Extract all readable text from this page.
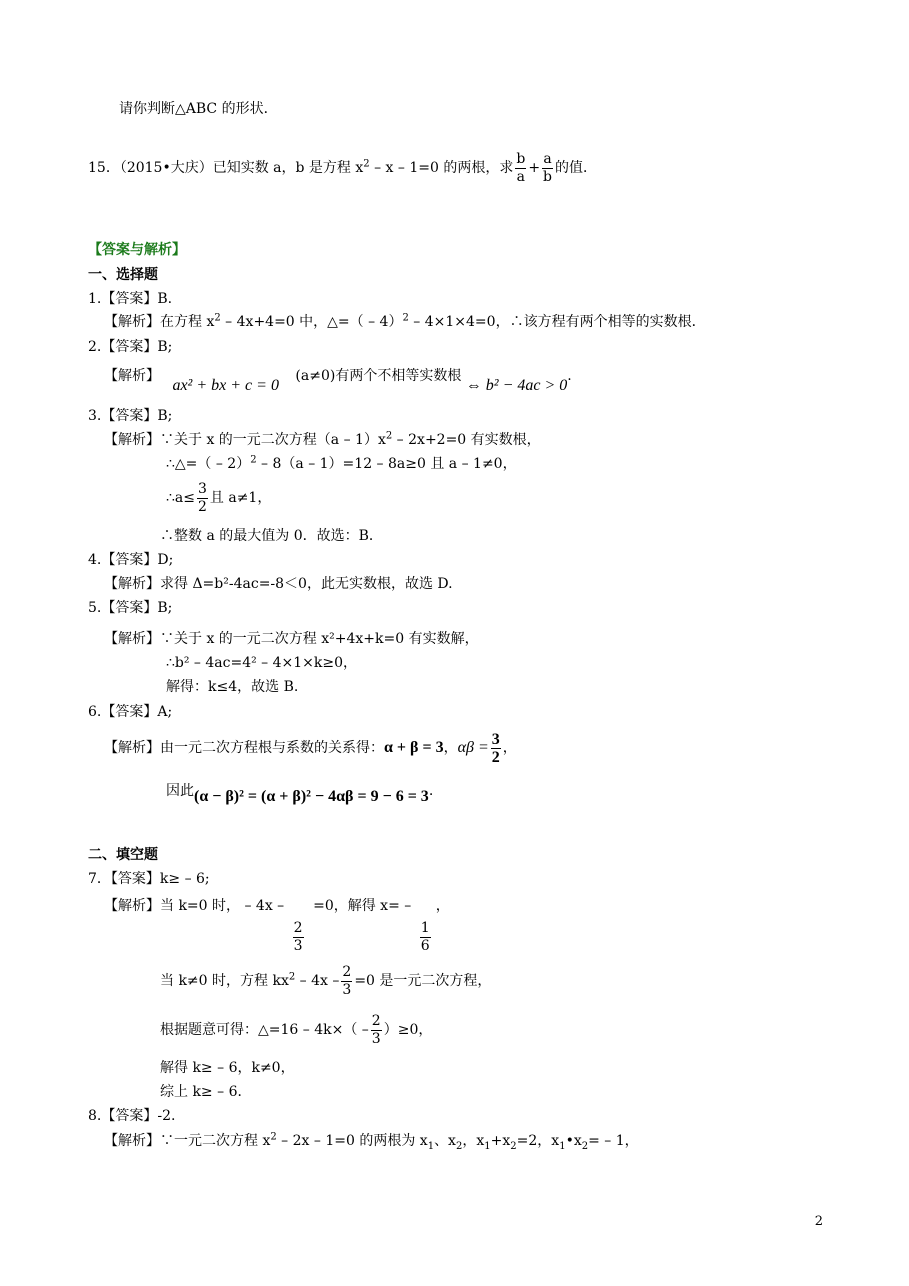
请你判断△ABC 的形状．
15．（2015•大庆）已知实数 a，b 是方程 $x^2 - x - 1=0$ 的两根，求 $\frac{b}{a} + \frac{a}{b}$ 的值．
【答案与解析】
一、选择题
1.【答案】B.
【解析】在方程 $x^2 - 4x+4=0$ 中，△=（ – 4）$^2$ – 4×1×4=0，∴该方程有两个相等的实数根．
2.【答案】B;
【解析】 ax² + bx + c = 0 (a≠0)有两个不相等实数根 ⇔ b² − 4ac > 0.
3.【答案】B;
【解析】∵关于 x 的一元二次方程$(a - 1)x^2 - 2x+2=0$ 有实数根，
∴△=（ – 2）$^2$ – 8（a – 1）=12 – 8a≥0 且 a – 1≠0，
∴a≤ $\frac{3}{2}$ 且 a≠1，
∴整数 a 的最大值为 0．故选：B．
4.【答案】D;
【解析】求得 Δ=b²-4ac=-8＜0，此无实数根，故选 D.
5.【答案】B;
【解析】∵关于 x 的一元二次方程 x²+4x+k=0 有实数解，
∴b² – 4ac=4² – 4×1×k≥0，
解得：k≤4，故选 B.
6.【答案】A;
【解析】由一元二次方程根与系数的关系得：α + β = 3，$\alpha\beta = \frac{3}{2}$ ，
因此(α − β)² = (α + β)² − 4αβ = 9 − 6 = 3.
二、填空题
7．【答案】k≥ – 6;
【解析】当 k=0 时， – 4x –
$\frac{2}{3}$
=0，解得 x= –
$\frac{1}{6}$
，
当 k≠0 时，方程 $kx^2 - 4x - \frac{2}{3} =0$ 是一元二次方程，
根据题意可得：△=16 – $4k\times( - \frac{2}{3} )\ge 0$，
解得 k≥ – 6，k≠0，
综上 k≥ – 6．
8.【答案】-2.
【解析】∵一元二次方程 $x^2 - 2x - 1=0$ 的两根为 $x_1$、$x_2$，$x_1+x_2=2$，$x_1•x_2= - 1$，
2
